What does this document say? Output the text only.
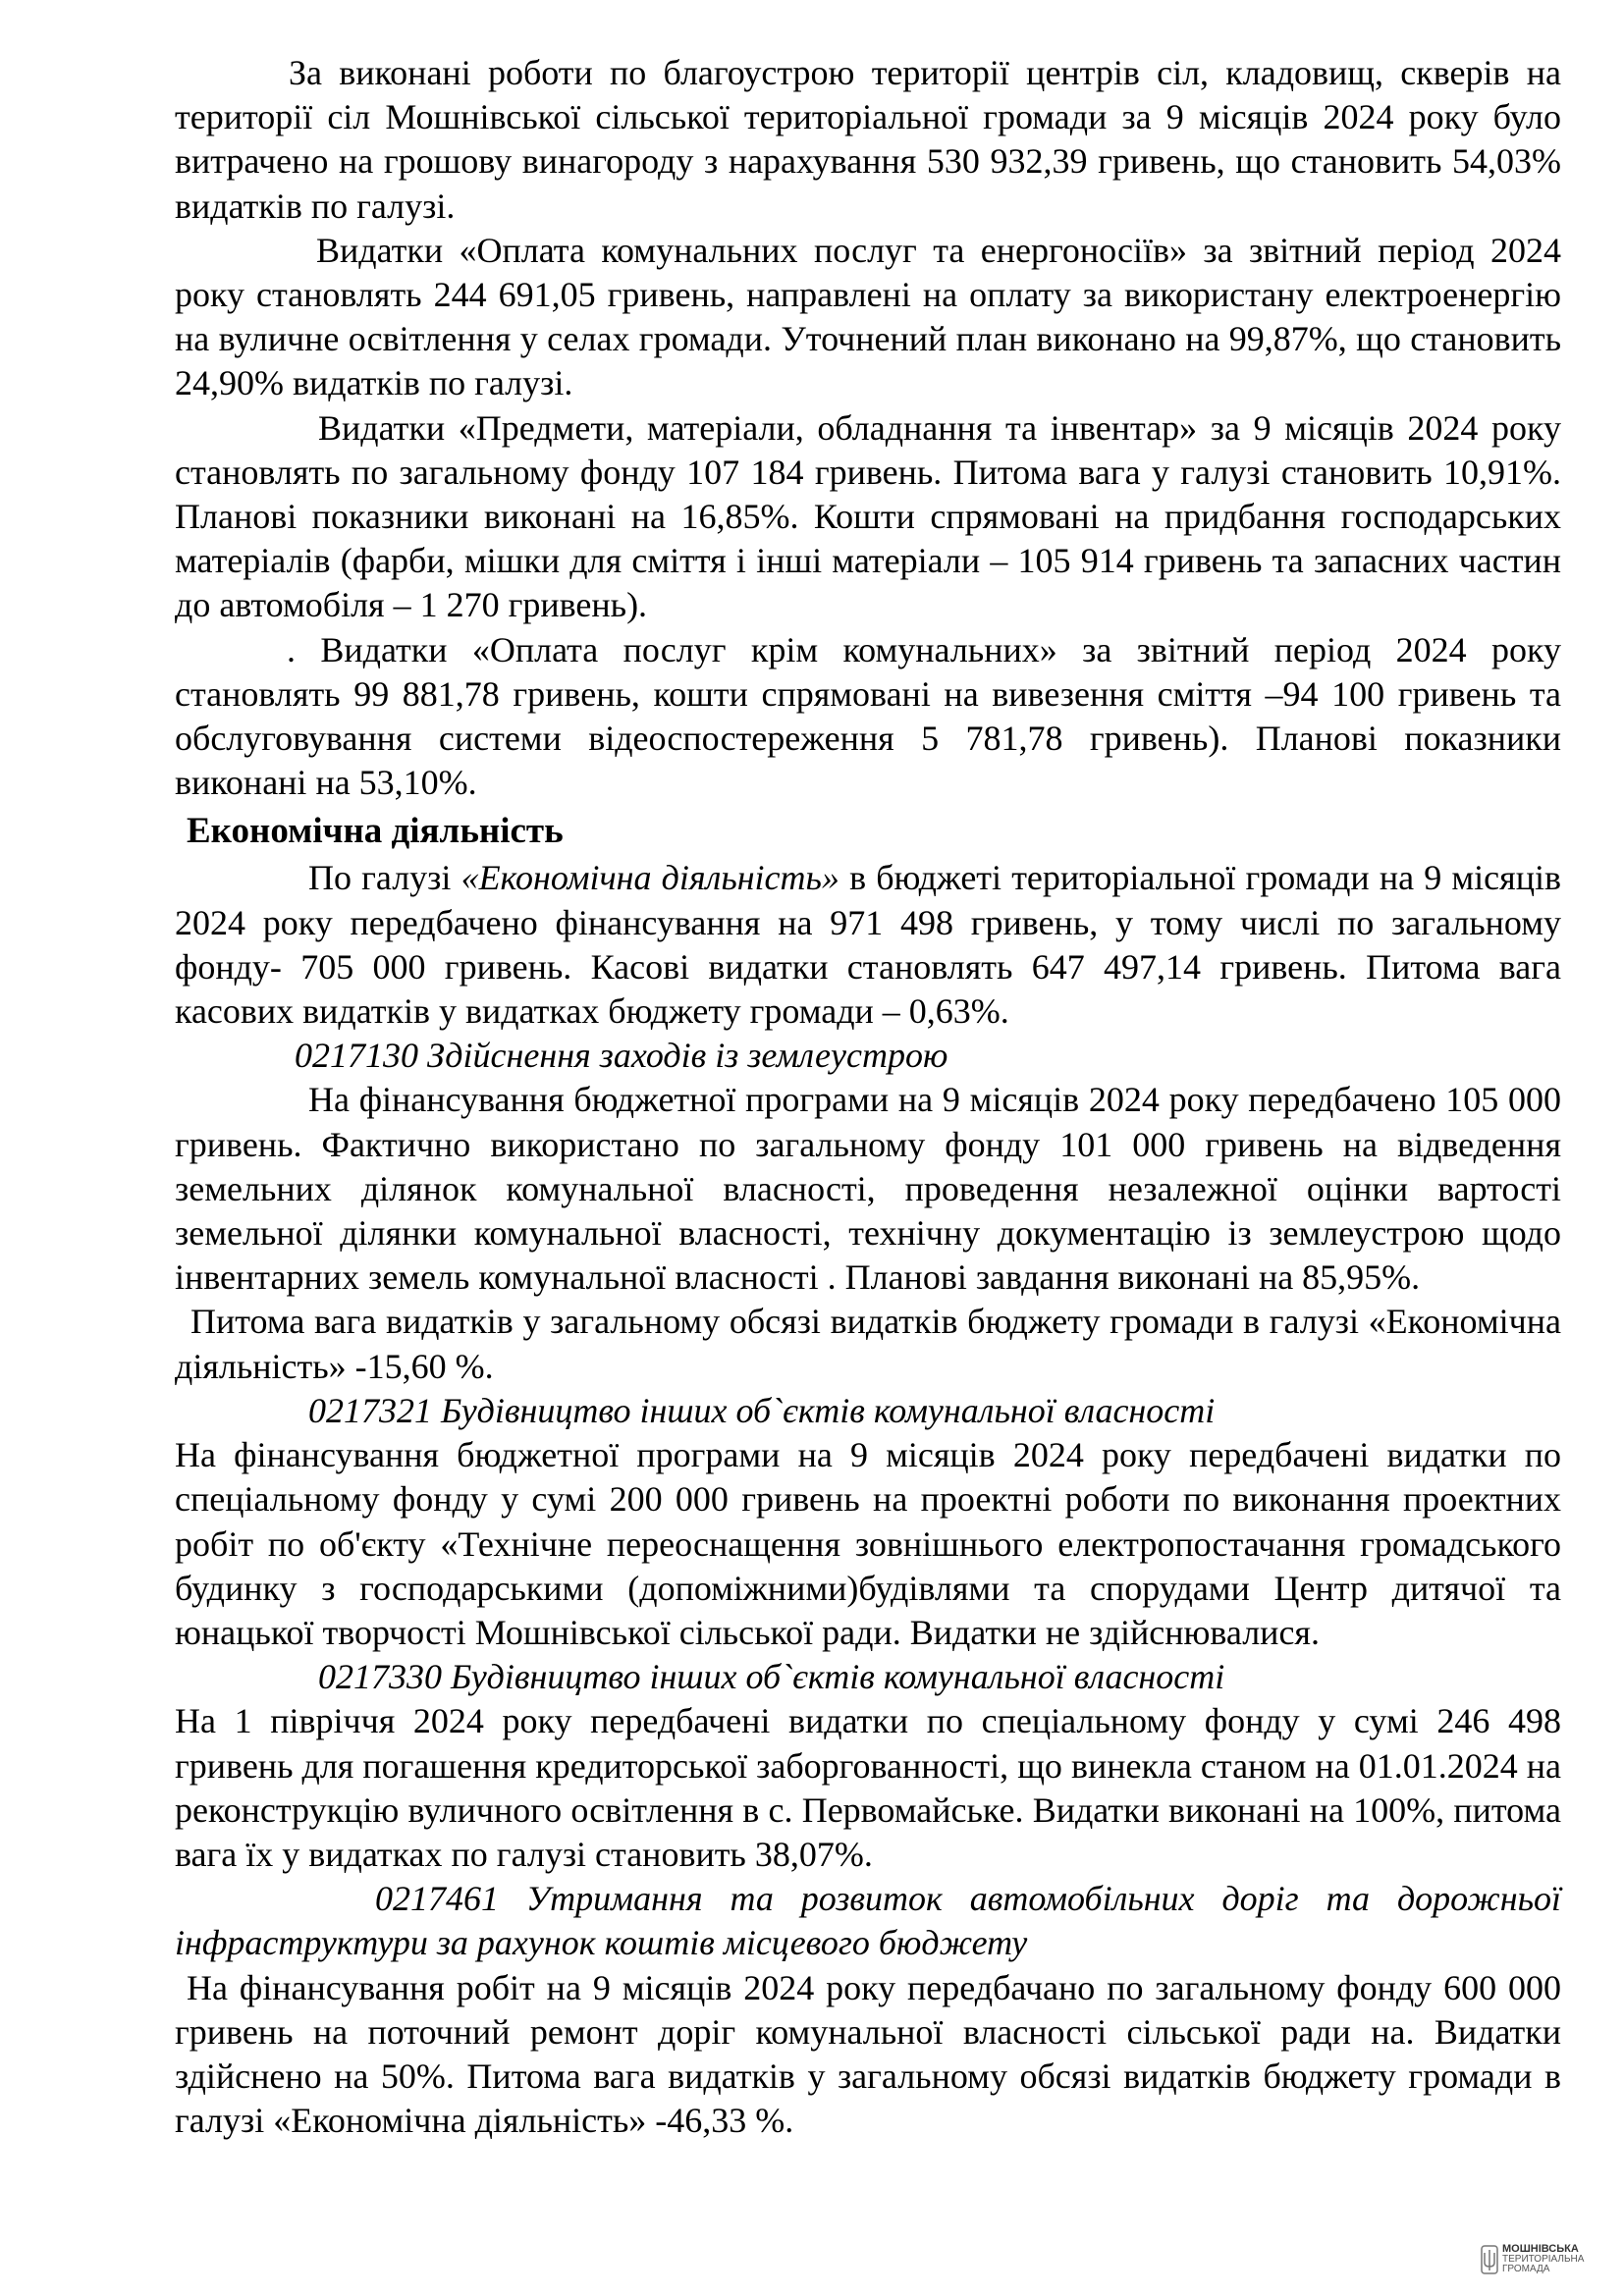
За виконані роботи по благоустрою території центрів сіл, кладовищ, скверів на території сіл Мошнівської сільської територіальної громади за 9 місяців 2024 року було витрачено на грошову винагороду з нарахування 530 932,39 гривень, що становить 54,03% видатків по галузі.

Видатки «Оплата комунальних послуг та енергоносіїв» за звітний період 2024 року становлять 244 691,05 гривень, направлені на оплату за використану електроенергію на вуличне освітлення у селах громади. Уточнений план виконано на 99,87%, що становить 24,90% видатків по галузі.

Видатки «Предмети, матеріали, обладнання та інвентар» за 9 місяців 2024 року становлять по загальному фонду 107 184 гривень. Питома вага у галузі становить 10,91%. Планові показники виконані на 16,85%. Кошти спрямовані на придбання господарських матеріалів (фарби, мішки для сміття і інші матеріали – 105 914 гривень та запасних частин до автомобіля – 1 270 гривень).

. Видатки «Оплата послуг крім комунальних» за звітний період 2024 року становлять 99 881,78 гривень, кошти спрямовані на вивезення сміття –94 100 гривень та обслуговування системи відеоспостереження 5 781,78 гривень). Планові показники виконані на 53,10%.

Економічна діяльність

По галузі «Економічна діяльність» в бюджеті територіальної громади на 9 місяців 2024 року передбачено фінансування на 971 498 гривень, у тому числі по загальному фонду- 705 000 гривень. Касові видатки становлять 647 497,14 гривень. Питома вага касових видатків у видатках бюджету громади – 0,63%.

0217130 Здійснення заходів із землеустрою

На фінансування бюджетної програми на 9 місяців 2024 року передбачено 105 000 гривень. Фактично використано по загальному фонду 101 000 гривень на відведення земельних ділянок комунальної власності, проведення незалежної оцінки вартості земельної ділянки комунальної власності, технічну документацію із землеустрою щодо інвентарних земель комунальної власності . Планові завдання виконані на 85,95%.

Питома вага видатків у загальному обсязі видатків бюджету громади в галузі «Економічна діяльність» -15,60 %.

0217321 Будівництво інших об`єктів комунальної власності

На фінансування бюджетної програми на 9 місяців 2024 року передбачені видатки по спеціальному фонду у сумі 200 000 гривень на проектні роботи по виконання проектних робіт по об'єкту «Технічне переоснащення зовнішнього електропостачання громадського будинку з господарськими (допоміжними)будівлями та спорудами Центр дитячої та юнацької творчості Мошнівської сільської ради. Видатки не здійснювалися.

0217330 Будівництво інших об`єктів комунальної власності

На 1 півріччя 2024 року передбачені видатки по спеціальному фонду у сумі 246 498 гривень для погашення кредиторської заборгованності, що винекла станом на 01.01.2024 на реконструкцію вуличного освітлення в с. Первомайське. Видатки виконані на 100%, питома вага їх у видатках по галузі становить 38,07%.

0217461 Утримання та розвиток автомобільних доріг та дорожньої інфраструктури за рахунок коштів місцевого бюджету

На фінансування робіт на 9 місяців 2024 року передбачано по загальному фонду 600 000 гривень на поточний ремонт доріг комунальної власності сільської ради на. Видатки здійснено на 50%. Питома вага видатків у загальному обсязі видатків бюджету громади в галузі «Економічна діяльність» -46,33 %.

МОШНІВСЬКА
ТЕРИТОРІАЛЬНА
ГРОМАДА
